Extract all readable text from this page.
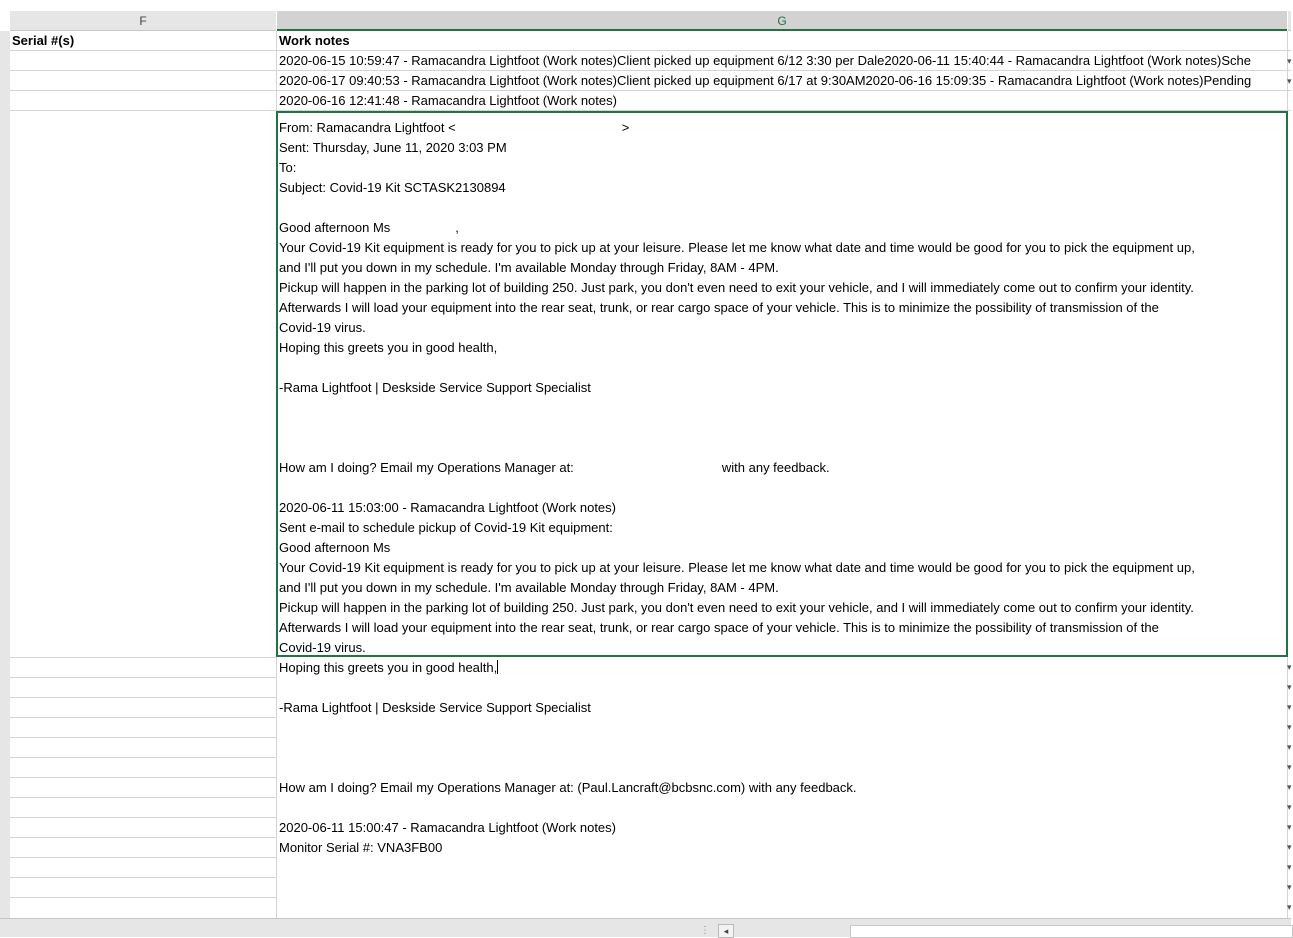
F	G
Serial #(s)	Work notes
2020-06-15 10:59:47 - Ramacandra Lightfoot (Work notes)Client picked up equipment 6/12 3:30 per Dale2020-06-11 15:40:44 - Ramacandra Lightfoot (Work notes)Sche
2020-06-17 09:40:53 - Ramacandra Lightfoot (Work notes)Client picked up equipment 6/17 at 9:30AM2020-06-16 15:09:35 - Ramacandra Lightfoot (Work notes)Pending
2020-06-16 12:41:48 - Ramacandra Lightfoot (Work notes)

From: Ramacandra Lightfoot <                                              >
Sent: Thursday, June 11, 2020 3:03 PM
To:
Subject: Covid-19 Kit SCTASK2130894

Good afternoon Ms                  ,
Your Covid-19 Kit equipment is ready for you to pick up at your leisure. Please let me know what date and time would be good for you to pick the equipment up,
and I'll put you down in my schedule. I'm available Monday through Friday, 8AM - 4PM.
Pickup will happen in the parking lot of building 250. Just park, you don't even need to exit your vehicle, and I will immediately come out to confirm your identity.
Afterwards I will load your equipment into the rear seat, trunk, or rear cargo space of your vehicle. This is to minimize the possibility of transmission of the
Covid-19 virus.
Hoping this greets you in good health,

-Rama Lightfoot | Deskside Service Support Specialist

How am I doing? Email my Operations Manager at:                                         with any feedback.

2020-06-11 15:03:00 - Ramacandra Lightfoot (Work notes)
Sent e-mail to schedule pickup of Covid-19 Kit equipment:
Good afternoon Ms
Your Covid-19 Kit equipment is ready for you to pick up at your leisure. Please let me know what date and time would be good for you to pick the equipment up,
and I'll put you down in my schedule. I'm available Monday through Friday, 8AM - 4PM.
Pickup will happen in the parking lot of building 250. Just park, you don't even need to exit your vehicle, and I will immediately come out to confirm your identity.
Afterwards I will load your equipment into the rear seat, trunk, or rear cargo space of your vehicle. This is to minimize the possibility of transmission of the
Covid-19 virus.
Hoping this greets you in good health,

-Rama Lightfoot | Deskside Service Support Specialist

How am I doing? Email my Operations Manager at: (Paul.Lancraft@bcbsnc.com) with any feedback.

2020-06-11 15:00:47 - Ramacandra Lightfoot (Work notes)
Monitor Serial #: VNA3FB00
▾
▾
▾
▾
▾
▾
▾
▾
▾
▾
▾
▾
▾
▾
▾
⋮	◂
